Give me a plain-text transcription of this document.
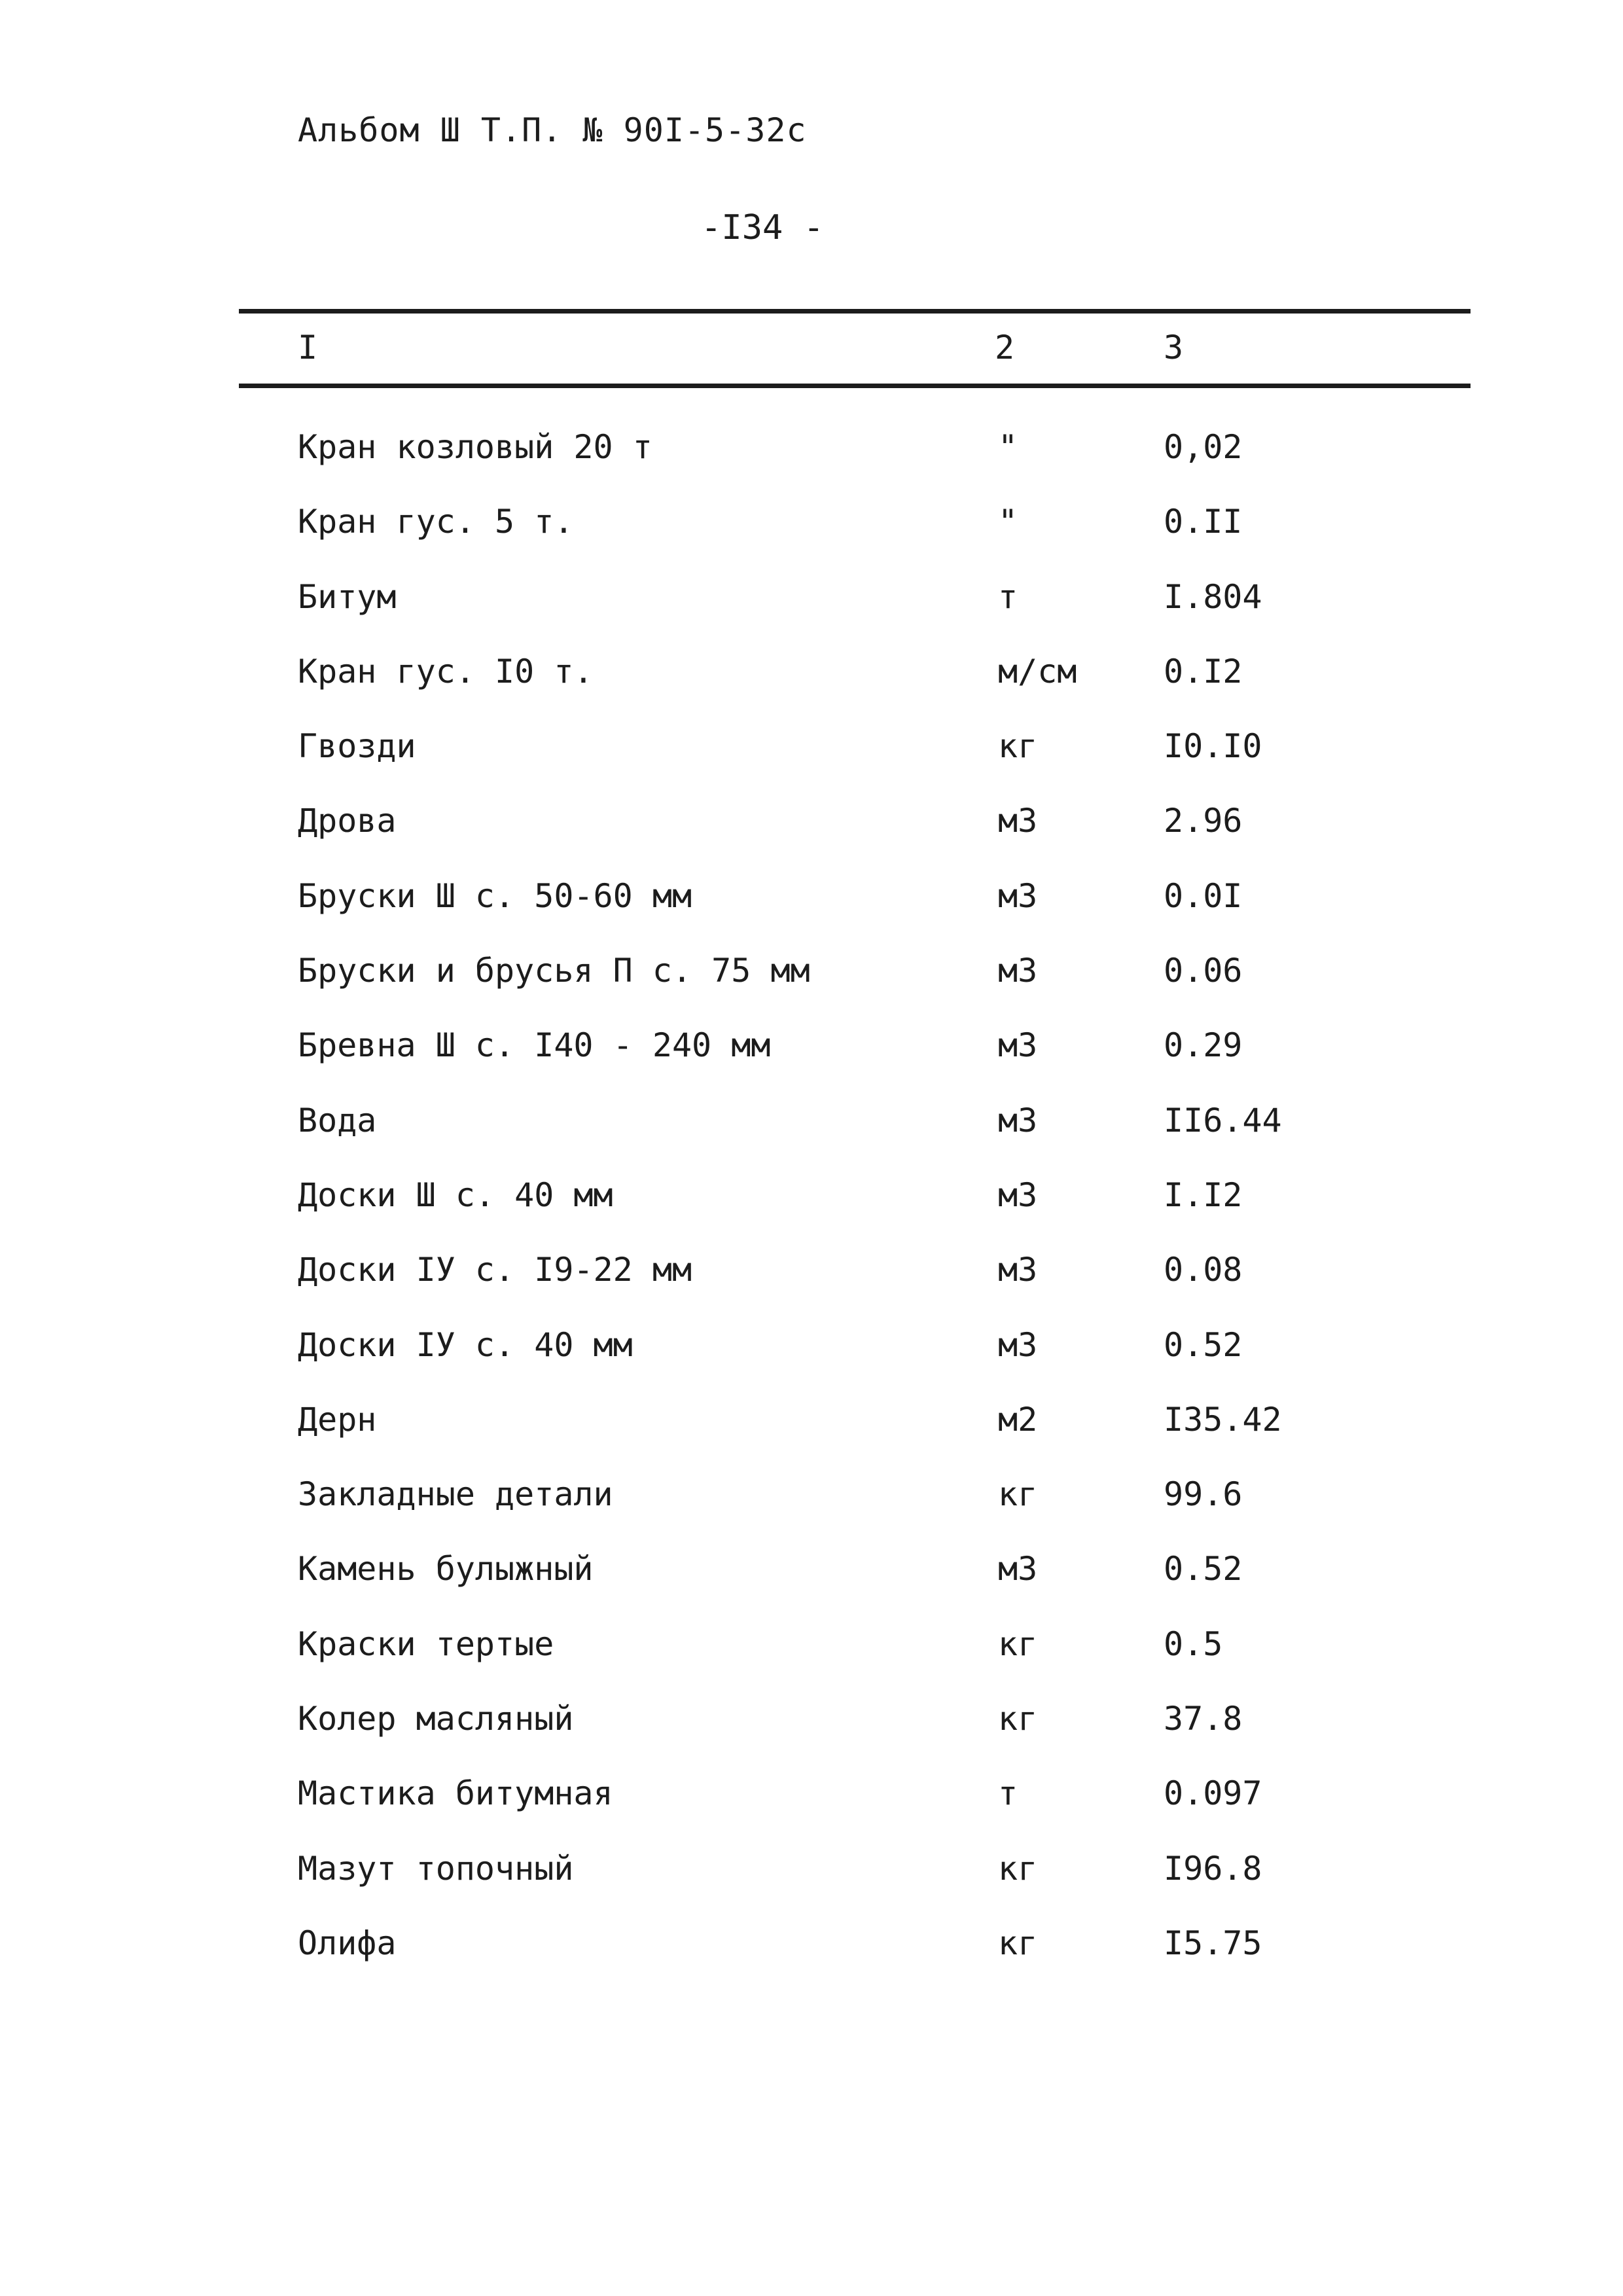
Альбом Ш Т.П. № 90I-5-32с
-I34 -
I	2	3
Кран козловый 20 т	"	0,02
Кран гус. 5 т.	"	0.II
Битум	т	I.804
Кран гус. I0 т.	м/см	0.I2
Гвозди	кг	I0.I0
Дрова	м3	2.96
Бруски Ш с. 50-60 мм	м3	0.0I
Бруски и брусья П с. 75 мм	м3	0.06
Бревна Ш с. I40 - 240 мм	м3	0.29
Вода	м3	II6.44
Доски Ш с. 40 мм	м3	I.I2
Доски IУ с. I9-22 мм	м3	0.08
Доски IУ с. 40 мм	м3	0.52
Дерн	м2	I35.42
Закладные детали	кг	99.6
Камень булыжный	м3	0.52
Краски тертые	кг	0.5
Колер масляный	кг	37.8
Мастика битумная	т	0.097
Мазут топочный	кг	I96.8
Олифа	кг	I5.75
